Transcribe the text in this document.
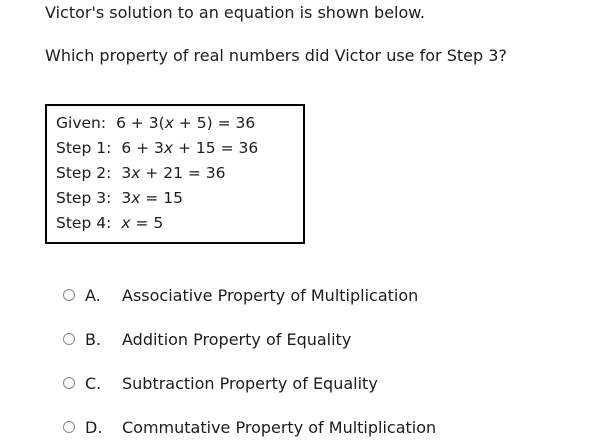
Victor's solution to an equation is shown below.

Which property of real numbers did Victor use for Step 3?

Given: 6 + 3(x + 5) = 36
Step 1: 6 + 3x + 15 = 36
Step 2: 3x + 21 = 36
Step 3: 3x = 15
Step 4: x = 5
A.	Associative Property of Multiplication
B.	Addition Property of Equality
C.	Subtraction Property of Equality
D.	Commutative Property of Multiplication
